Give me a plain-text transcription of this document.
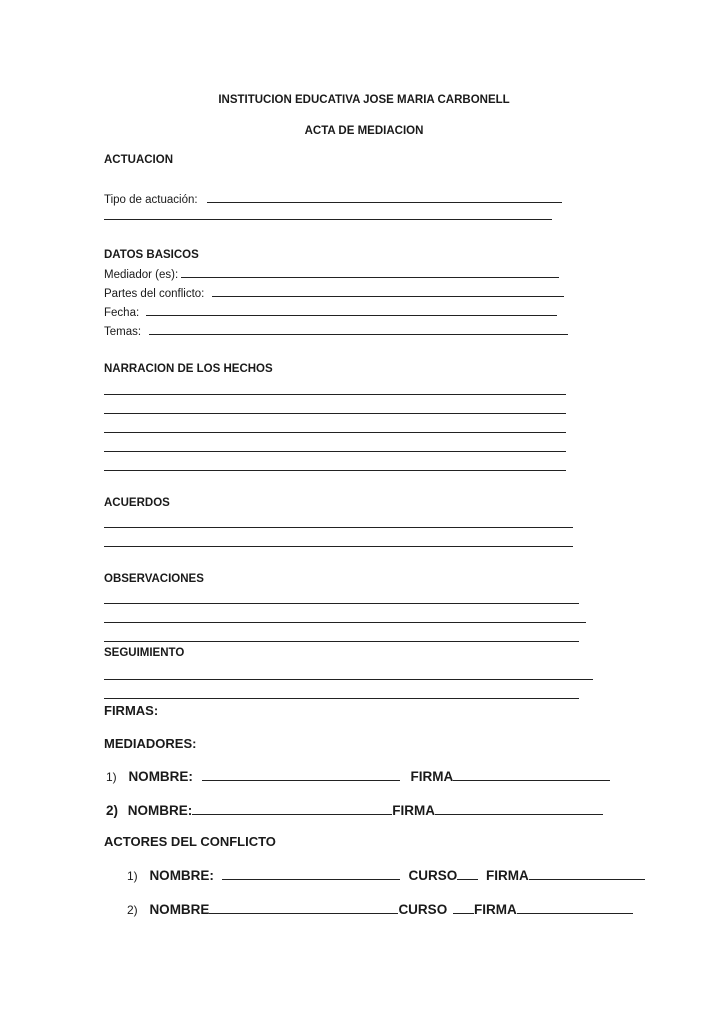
INSTITUCION EDUCATIVA JOSE MARIA CARBONELL
ACTA DE MEDIACION
ACTUACION
Tipo de actuación:
DATOS BASICOS
Mediador (es):
Partes del conflicto:
Fecha:
Temas:
NARRACION DE LOS HECHOS
ACUERDOS
OBSERVACIONES
SEGUIMIENTO
FIRMAS:
MEDIADORES:
1) NOMBRE:	FIRMA
2) NOMBRE:	FIRMA
ACTORES DEL CONFLICTO
1) NOMBRE:	CURSO FIRMA
2) NOMBRE	CURSO FIRMA
